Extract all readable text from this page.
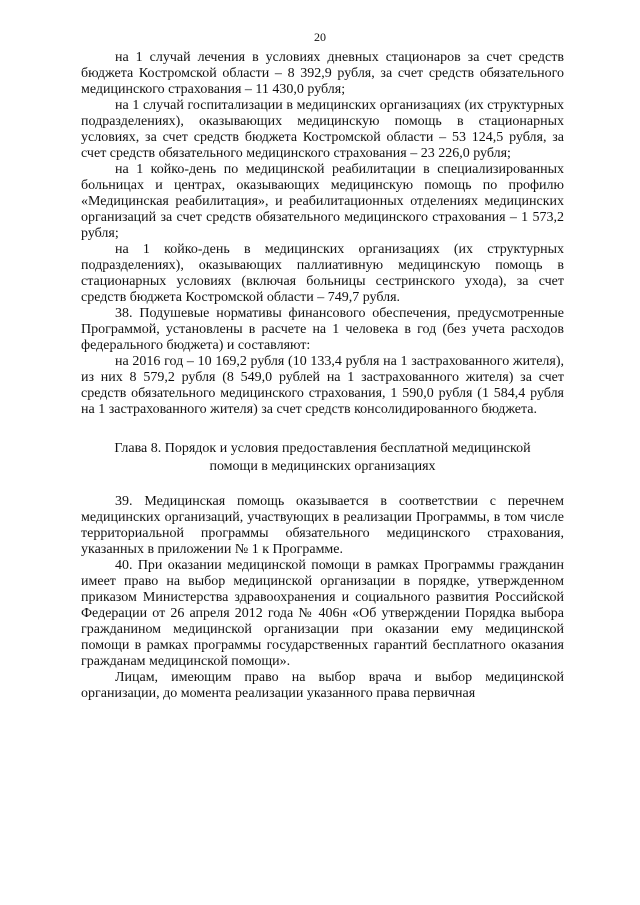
20

на 1 случай лечения в условиях дневных стационаров за счет средств бюджета Костромской области – 8 392,9 рубля, за счет средств обязательного медицинского страхования – 11 430,0 рубля;

на 1 случай госпитализации в медицинских организациях (их структурных подразделениях), оказывающих медицинскую помощь в стационарных условиях, за счет средств бюджета Костромской области – 53 124,5 рубля, за счет средств обязательного медицинского страхования – 23 226,0 рубля;

на 1 койко-день по медицинской реабилитации в специализированных больницах и центрах, оказывающих медицинскую помощь по профилю «Медицинская реабилитация», и реабилитационных отделениях медицинских организаций за счет средств обязательного медицинского страхования – 1 573,2 рубля;

на 1 койко-день в медицинских организациях (их структурных подразделениях), оказывающих паллиативную медицинскую помощь в стационарных условиях (включая больницы сестринского ухода), за счет средств бюджета Костромской области – 749,7 рубля.

38. Подушевые нормативы финансового обеспечения, предусмотренные Программой, установлены в расчете на 1 человека в год (без учета расходов федерального бюджета) и составляют:

на 2016 год – 10 169,2 рубля (10 133,4 рубля на 1 застрахованного жителя), из них 8 579,2 рубля (8 549,0 рублей на 1 застрахованного жителя) за счет средств обязательного медицинского страхования, 1 590,0 рубля (1 584,4 рубля на 1 застрахованного жителя) за счет средств консолидированного бюджета.

Глава 8. Порядок и условия предоставления бесплатной медицинской
помощи в медицинских организациях

39. Медицинская помощь оказывается в соответствии с перечнем медицинских организаций, участвующих в реализации Программы, в том числе территориальной программы обязательного медицинского страхования, указанных в приложении № 1 к Программе.

40. При оказании медицинской помощи в рамках Программы гражданин имеет право на выбор медицинской организации в порядке, утвержденном приказом Министерства здравоохранения и социального развития Российской Федерации от 26 апреля 2012 года № 406н «Об утверждении Порядка выбора гражданином медицинской организации при оказании ему медицинской помощи в рамках программы государственных гарантий бесплатного оказания гражданам медицинской помощи».

Лицам, имеющим право на выбор врача и выбор медицинской организации, до момента реализации указанного права первичная
